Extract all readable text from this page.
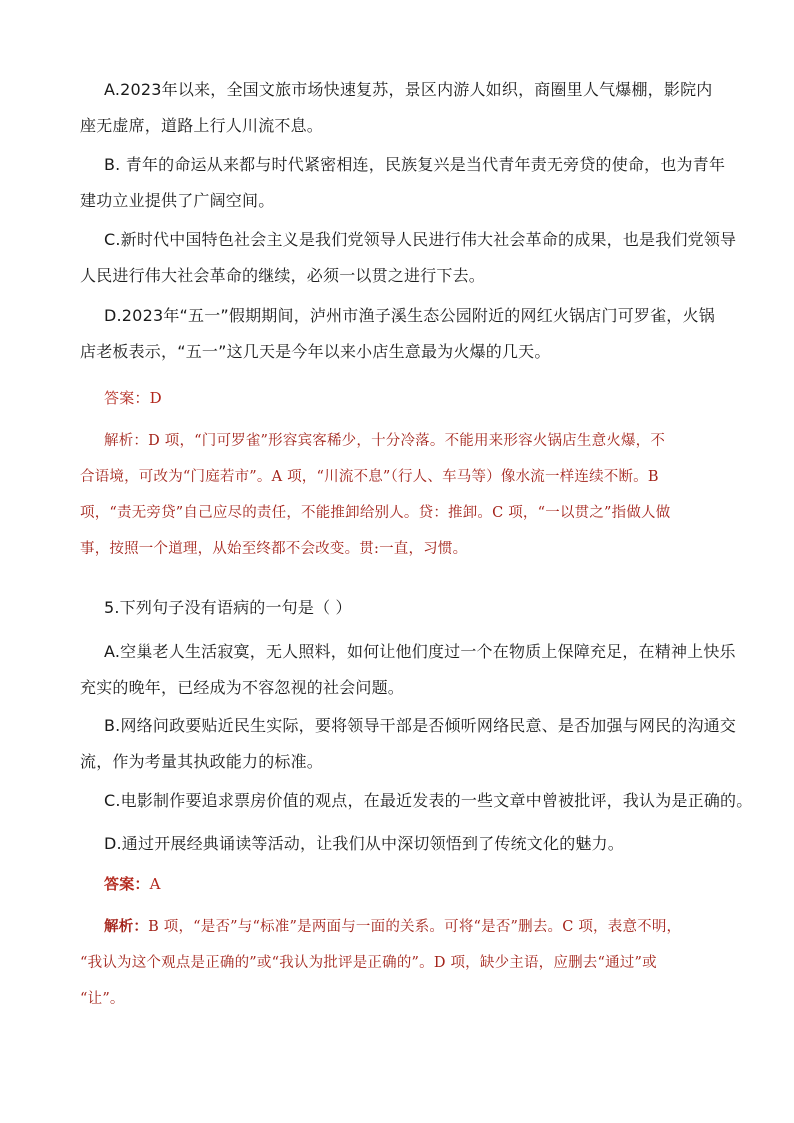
A.2023年以来，全国文旅市场快速复苏，景区内游人如织，商圈里人气爆棚，影院内
座无虚席，道路上行人川流不息。

B. 青年的命运从来都与时代紧密相连，民族复兴是当代青年责无旁贷的使命，也为青年
建功立业提供了广阔空间。

C.新时代中国特色社会主义是我们党领导人民进行伟大社会革命的成果，也是我们党领导
人民进行伟大社会革命的继续，必须一以贯之进行下去。

D.2023年“五一”假期期间，泸州市渔子溪生态公园附近的网红火锅店门可罗雀，火锅
店老板表示，“五一”这几天是今年以来小店生意最为火爆的几天。

答案：D

解析：D 项，“门可罗雀”形容宾客稀少，十分冷落。不能用来形容火锅店生意火爆，不
合语境，可改为“门庭若市”。A 项，“川流不息”（行人、车马等）像水流一样连续不断。B
项，“责无旁贷”自己应尽的责任，不能推卸给别人。贷：推卸。C 项，“一以贯之”指做人做
事，按照一个道理，从始至终都不会改变。贯:一直，习惯。

5.下列句子没有语病的一句是（ ）

A.空巢老人生活寂寞，无人照料，如何让他们度过一个在物质上保障充足，在精神上快乐
充实的晚年，已经成为不容忽视的社会问题。

B.网络问政要贴近民生实际，要将领导干部是否倾听网络民意、是否加强与网民的沟通交
流，作为考量其执政能力的标准。

C.电影制作要追求票房价值的观点，在最近发表的一些文章中曾被批评，我认为是正确的。

D.通过开展经典诵读等活动，让我们从中深切领悟到了传统文化的魅力。

答案：A

解析：B 项，“是否”与“标准”是两面与一面的关系。可将“是否”删去。C 项，表意不明，
“我认为这个观点是正确的”或“我认为批评是正确的”。D 项，缺少主语，应删去“通过”或
“让”。
